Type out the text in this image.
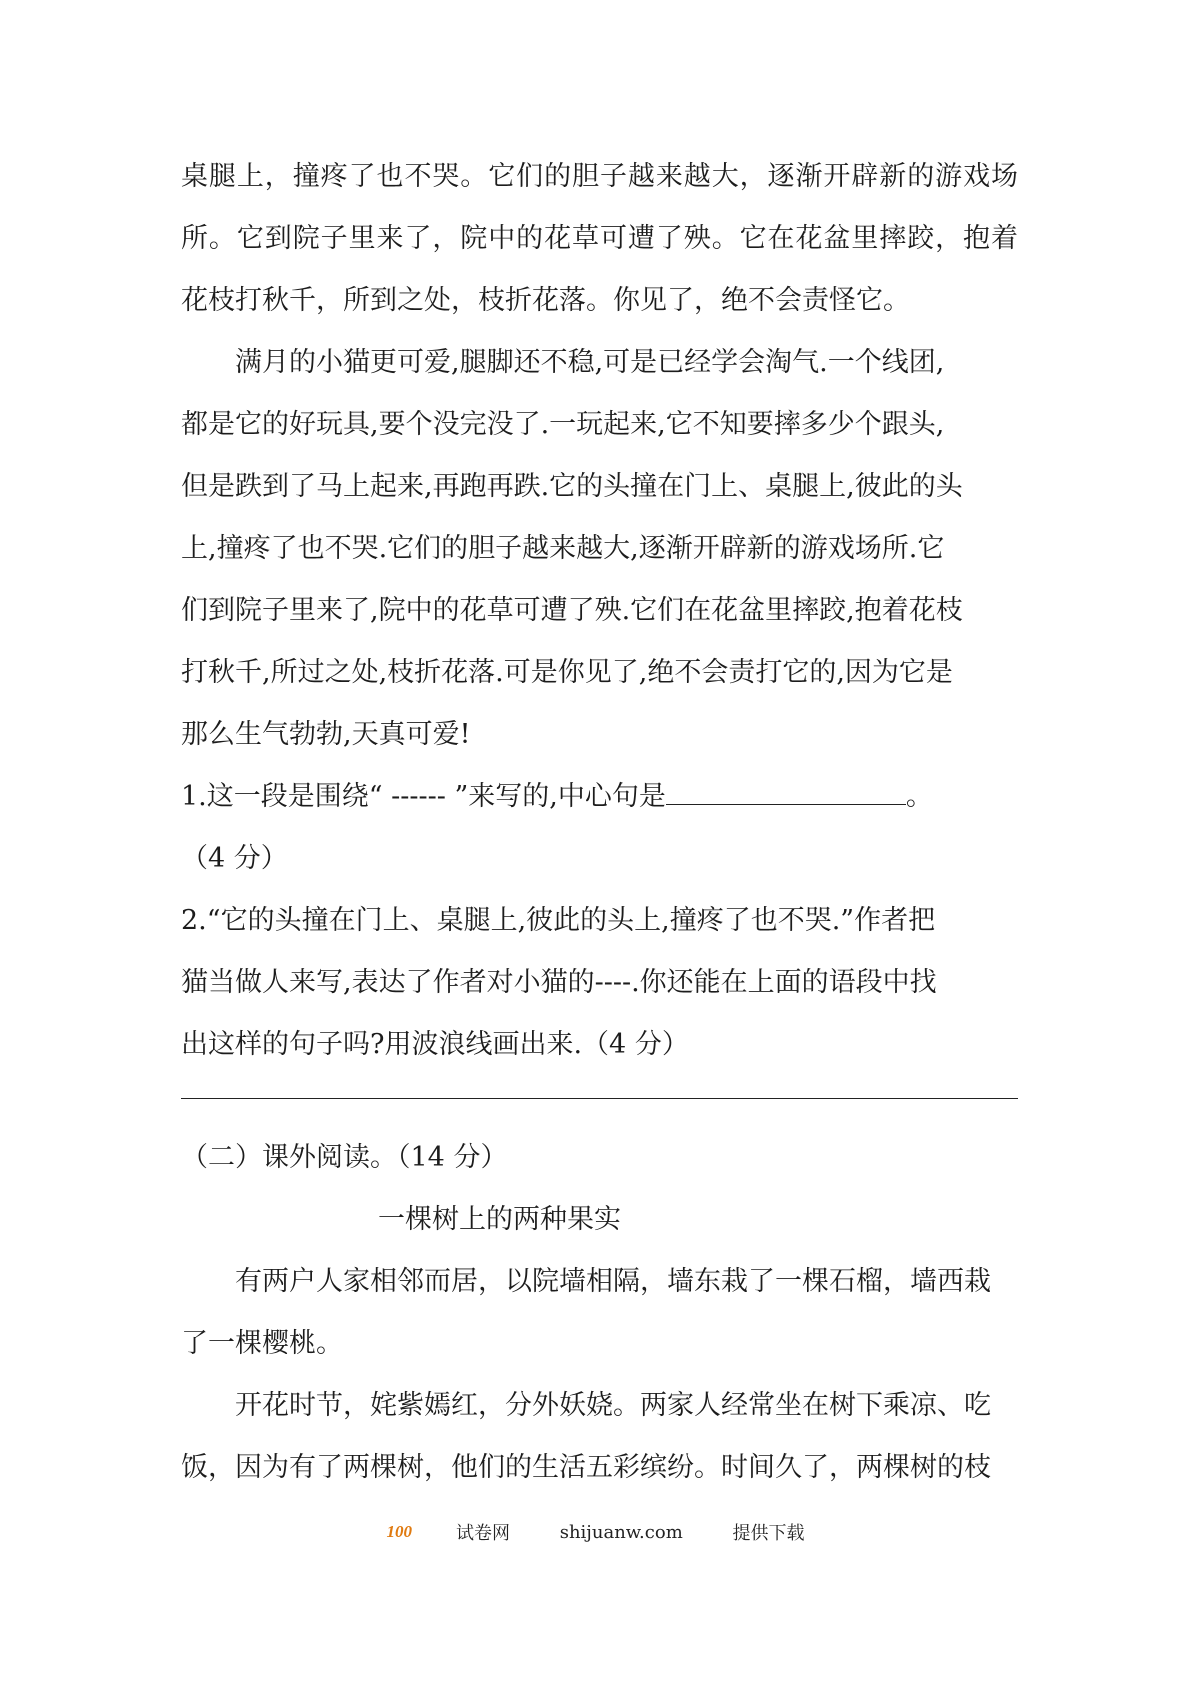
桌腿上，撞疼了也不哭。它们的胆子越来越大，逐渐开辟新的游戏场
所。它到院子里来了，院中的花草可遭了殃。它在花盆里摔跤，抱着
花枝打秋千，所到之处，枝折花落。你见了，绝不会责怪它。
满月的小猫更可爱,腿脚还不稳,可是已经学会淘气.一个线团,
都是它的好玩具,要个没完没了.一玩起来,它不知要摔多少个跟头,
但是跌到了马上起来,再跑再跌.它的头撞在门上、桌腿上,彼此的头
上,撞疼了也不哭.它们的胆子越来越大,逐渐开辟新的游戏场所.它
们到院子里来了,院中的花草可遭了殃.它们在花盆里摔跤,抱着花枝
打秋千,所过之处,枝折花落.可是你见了,绝不会责打它的,因为它是
那么生气勃勃,天真可爱!
1.这一段是围绕“ ------ ”来写的,中心句是	。
（4 分）
2.“它的头撞在门上、桌腿上,彼此的头上,撞疼了也不哭.”作者把
猫当做人来写,表达了作者对小猫的----.你还能在上面的语段中找
出这样的句子吗?用波浪线画出来.（4 分）
（二）课外阅读。（14 分）
一棵树上的两种果实
有两户人家相邻而居，以院墙相隔，墙东栽了一棵石榴，墙西栽
了一棵樱桃。
开花时节，姹紫嫣红，分外妖娆。两家人经常坐在树下乘凉、吃
饭，因为有了两棵树，他们的生活五彩缤纷。时间久了，两棵树的枝
100 试卷网	shijuanw.com	提供下载
